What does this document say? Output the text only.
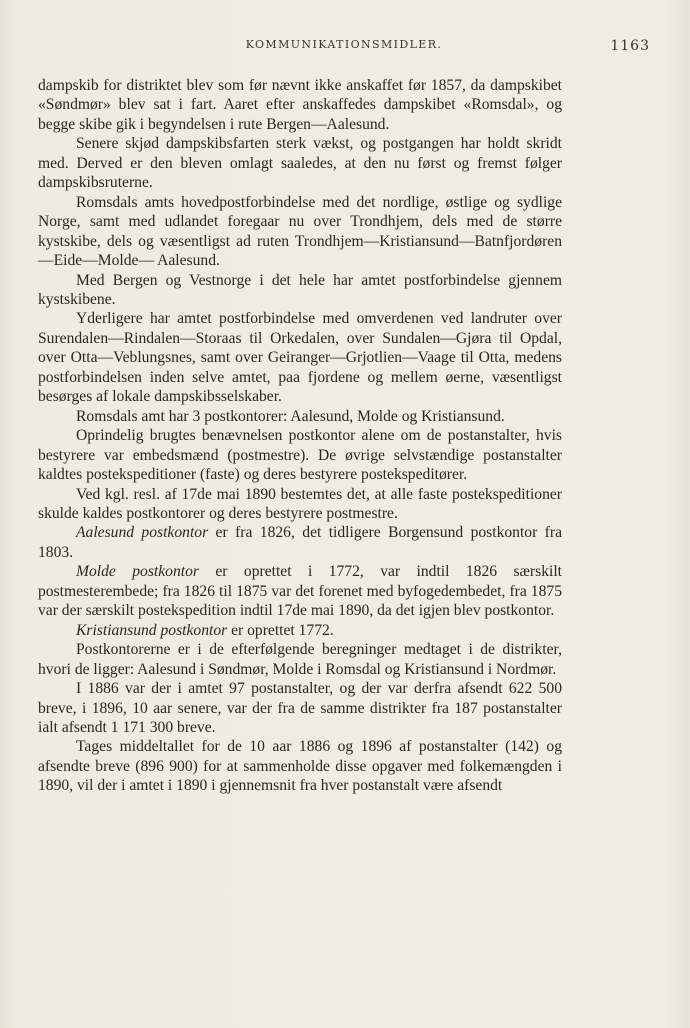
KOMMUNIKATIONSMIDLER.	1163

dampskib for distriktet blev som før nævnt ikke anskaffet før 1857, da dampskibet «Søndmør» blev sat i fart. Aaret efter anskaffedes dampskibet «Romsdal», og begge skibe gik i begyndelsen i rute Bergen—Aalesund.

Senere skjød dampskibsfarten sterk vækst, og postgangen har holdt skridt med. Derved er den bleven omlagt saaledes, at den nu først og fremst følger dampskibsruterne.

Romsdals amts hovedpostforbindelse med det nordlige, østlige og sydlige Norge, samt med udlandet foregaar nu over Trondhjem, dels med de større kystskibe, dels og væsentligst ad ruten Trondhjem—Kristiansund—Batnfjordøren—Eide—Molde— Aalesund.

Med Bergen og Vestnorge i det hele har amtet postforbindelse gjennem kystskibene.

Yderligere har amtet postforbindelse med omverdenen ved landruter over Surendalen—Rindalen—Storaas til Orkedalen, over Sundalen—Gjøra til Opdal, over Otta—Veblungsnes, samt over Geiranger—Grjotlien—Vaage til Otta, medens postforbindelsen inden selve amtet, paa fjordene og mellem øerne, væsentligst besørges af lokale dampskibsselskaber.

Romsdals amt har 3 postkontorer: Aalesund, Molde og Kristiansund.

Oprindelig brugtes benævnelsen postkontor alene om de postanstalter, hvis bestyrere var embedsmænd (postmestre). De øvrige selvstændige postanstalter kaldtes postekspeditioner (faste) og deres bestyrere postekspeditører.

Ved kgl. resl. af 17de mai 1890 bestemtes det, at alle faste postekspeditioner skulde kaldes postkontorer og deres bestyrere postmestre.

Aalesund postkontor er fra 1826, det tidligere Borgensund postkontor fra 1803.

Molde postkontor er oprettet i 1772, var indtil 1826 særskilt postmesterembede; fra 1826 til 1875 var det forenet med byfogedembedet, fra 1875 var der særskilt postekspedition indtil 17de mai 1890, da det igjen blev postkontor.

Kristiansund postkontor er oprettet 1772.

Postkontorerne er i de efterfølgende beregninger medtaget i de distrikter, hvori de ligger: Aalesund i Søndmør, Molde i Romsdal og Kristiansund i Nordmør.

I 1886 var der i amtet 97 postanstalter, og der var derfra afsendt 622 500 breve, i 1896, 10 aar senere, var der fra de samme distrikter fra 187 postanstalter ialt afsendt 1 171 300 breve.

Tages middeltallet for de 10 aar 1886 og 1896 af postanstalter (142) og afsendte breve (896 900) for at sammenholde disse opgaver med folkemængden i 1890, vil der i amtet i 1890 i gjennemsnit fra hver postanstalt være afsendt
